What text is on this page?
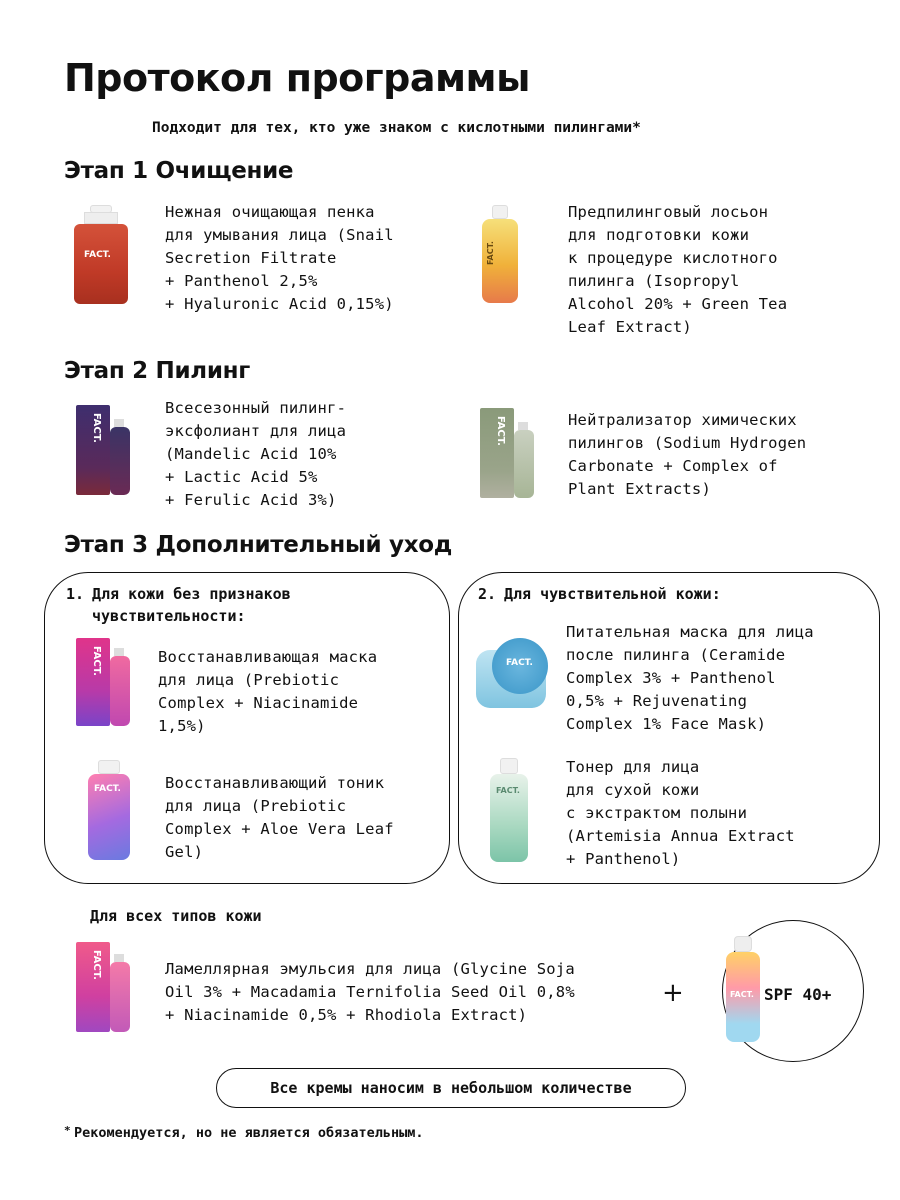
Протокол программы
Подходит для тех, кто уже знаком с кислотными пилингами*
Этап 1 Очищение
FACT.
Нежная очищающая пенка
для умывания лица (Snail
Secretion Filtrate
+ Panthenol 2,5%
+ Hyaluronic Acid 0,15%)
FACT.
Предпилинговый лосьон
для подготовки кожи
к процедуре кислотного
пилинга (Isopropyl
Alcohol 20% + Green Tea
Leaf Extract)
Этап 2 Пилинг
FACT.
Всесезонный пилинг-
эксфолиант для лица
(Mandelic Acid 10%
+ Lactic Acid 5%
+ Ferulic Acid 3%)
FACT.	Нейтрализатор химических
пилингов (Sodium Hydrogen
Carbonate + Complex of
Plant Extracts)
Этап 3 Дополнительный уход
1. Для кожи без признаков
чувствительности:
FACT.	Восстанавливающая маска
для лица (Prebiotic
Complex + Niacinamide
1,5%)
FACT.	Восстанавливающий тоник
для лица (Prebiotic
Complex + Aloe Vera Leaf
Gel)
2. Для чувствительной кожи:
FACT.
Питательная маска для лица
после пилинга (Ceramide
Complex 3% + Panthenol
0,5% + Rejuvenating
Complex 1% Face Mask)
FACT.
Тонер для лица
для сухой кожи
с экстрактом полыни
(Artemisia Annua Extract
+ Panthenol)
Для всех типов кожи
FACT.	Ламеллярная эмульсия для лица (Glycine Soja
Oil 3% + Macadamia Ternifolia Seed Oil 0,8%
+ Niacinamide 0,5% + Rhodiola Extract)
+	FACT. SPF 40+
Все кремы наносим в небольшом количестве
* Рекомендуется, но не является обязательным.
